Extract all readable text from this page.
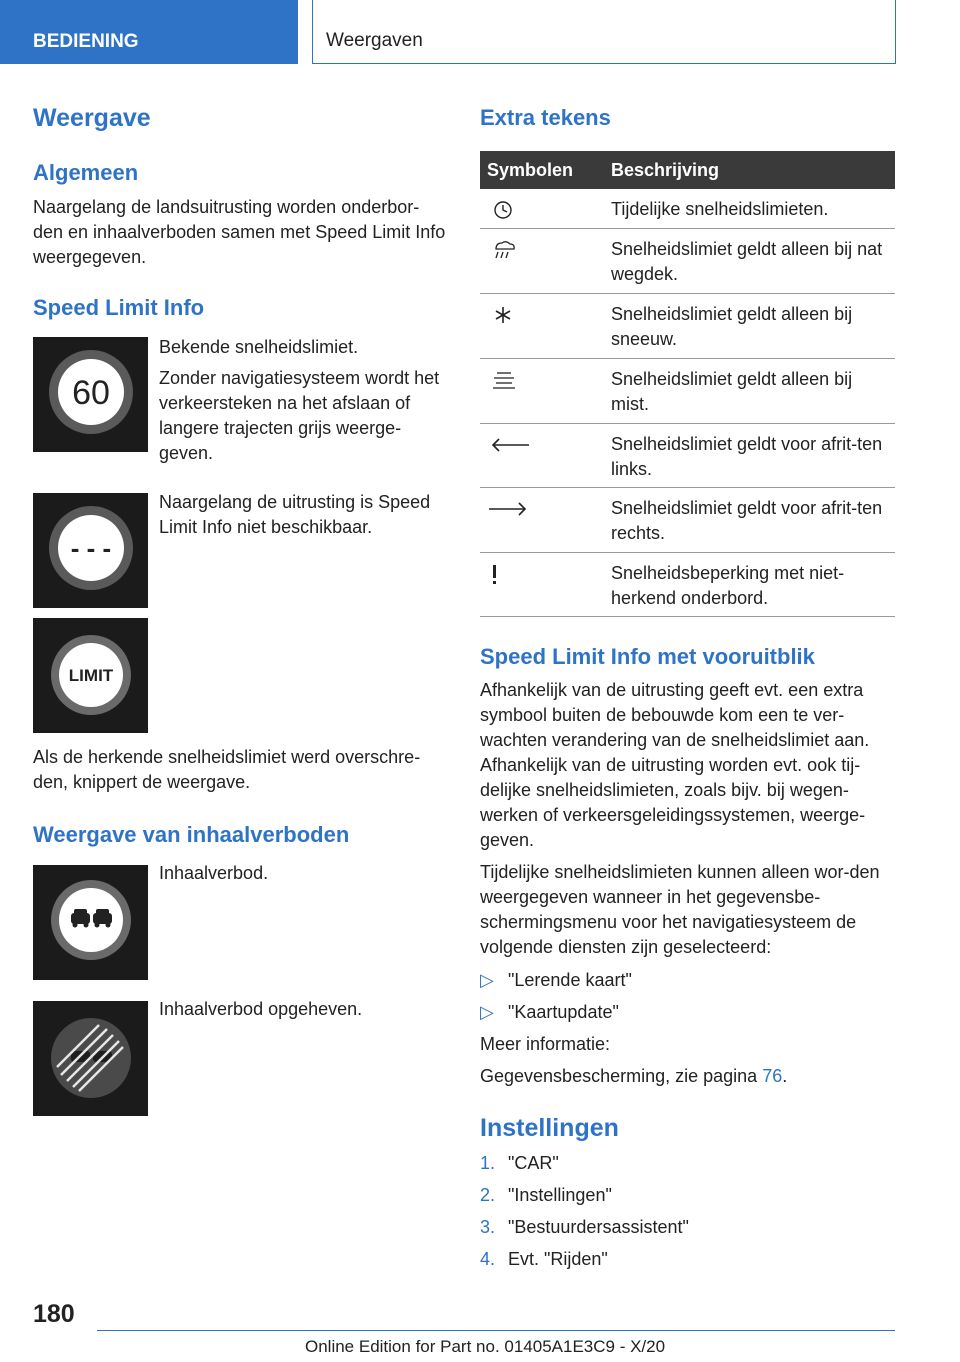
BEDIENING	Weergaven
Weergave
Algemeen
Naargelang de landsuitrusting worden onderbor-den en inhaalverboden samen met Speed Limit Info weergegeven.
Speed Limit Info
60
Bekende snelheidslimiet.
Zonder navigatiesysteem wordt het verkeersteken na het afslaan of langere trajecten grijs weerge-geven.
- - -
Naargelang de uitrusting is Speed Limit Info niet beschikbaar.
LIMIT
Als de herkende snelheidslimiet werd overschre-den, knippert de weergave.
Weergave van inhaalverboden
Inhaalverbod.
Inhaalverbod opgeheven.
Extra tekens
Symbolen Beschrijving
Tijdelijke snelheidslimieten.
Snelheidslimiet geldt alleen bij nat wegdek.
Snelheidslimiet geldt alleen bij sneeuw.
Snelheidslimiet geldt alleen bij mist.
Snelheidslimiet geldt voor afrit-ten links.
Snelheidslimiet geldt voor afrit-ten rechts.
Snelheidsbeperking met niet-herkend onderbord.
Speed Limit Info met vooruitblik
Afhankelijk van de uitrusting geeft evt. een extra symbool buiten de bebouwde kom een te ver-wachten verandering van de snelheidslimiet aan. Afhankelijk van de uitrusting worden evt. ook tij-delijke snelheidslimieten, zoals bijv. bij wegen-werken of verkeersgeleidingssystemen, weerge-geven.
Tijdelijke snelheidslimieten kunnen alleen wor-den weergegeven wanneer in het gegevensbe-schermingsmenu voor het navigatiesysteem de volgende diensten zijn geselecteerd:
▷ "Lerende kaart"
▷ "Kaartupdate"
Meer informatie:
Gegevensbescherming, zie pagina 76.
Instellingen
1. "CAR"
2. "Instellingen"
3. "Bestuurdersassistent"
4. Evt. "Rijden"
180
Online Edition for Part no. 01405A1E3C9 - X/20
